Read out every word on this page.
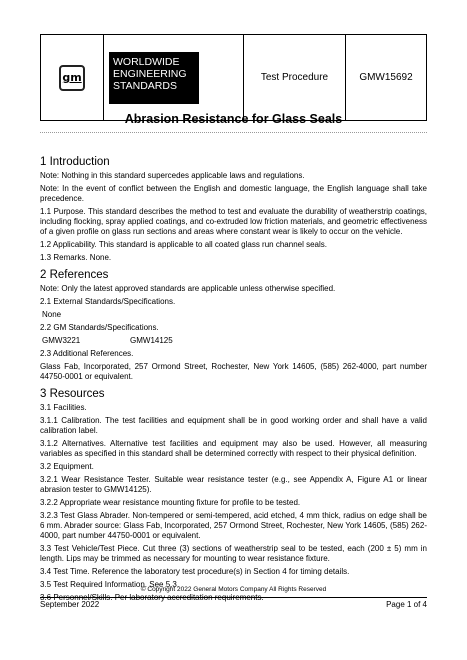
gm
WORLDWIDE
ENGINEERING
STANDARDS
Test Procedure	GMW15692
Abrasion Resistance for Glass Seals
1 Introduction

Note: Nothing in this standard supercedes applicable laws and regulations.

Note: In the event of conflict between the English and domestic language, the English language shall take precedence.

1.1 Purpose. This standard describes the method to test and evaluate the durability of weatherstrip coatings, including flocking, spray applied coatings, and co-extruded low friction materials, and geometric effectiveness of a given profile on glass run sections and areas where constant wear is likely to occur on the vehicle.

1.2 Applicability. This standard is applicable to all coated glass run channel seals.

1.3 Remarks. None.

2 References

Note: Only the latest approved standards are applicable unless otherwise specified.

2.1 External Standards/Specifications.

None

2.2 GM Standards/Specifications.

GMW3221	GMW14125

2.3 Additional References.

Glass Fab, Incorporated, 257 Ormond Street, Rochester, New York 14605, (585) 262-4000, part number 44750-0001 or equivalent.

3 Resources

3.1 Facilities.

3.1.1 Calibration. The test facilities and equipment shall be in good working order and shall have a valid calibration label.

3.1.2 Alternatives. Alternative test facilities and equipment may also be used. However, all measuring variables as specified in this standard shall be determined correctly with respect to their physical definition.

3.2 Equipment.

3.2.1 Wear Resistance Tester. Suitable wear resistance tester (e.g., see Appendix A, Figure A1 or linear abrasion tester to GMW14125).

3.2.2 Appropriate wear resistance mounting fixture for profile to be tested.

3.2.3 Test Glass Abrader. Non-tempered or semi-tempered, acid etched, 4 mm thick, radius on edge shall be 6 mm. Abrader source: Glass Fab, Incorporated, 257 Ormond Street, Rochester, New York 14605, (585) 262-4000, part number 44750-0001 or equivalent.

3.3 Test Vehicle/Test Piece. Cut three (3) sections of weatherstrip seal to be tested, each (200 ± 5) mm in length. Lips may be trimmed as necessary for mounting to wear resistance fixture.

3.4 Test Time. Reference the laboratory test procedure(s) in Section 4 for timing details.

3.5 Test Required Information. See 5.3.

3.6 Personnel/Skills. Per laboratory accreditation requirements.

© Copyright 2022 General Motors Company All Rights Reserved
September 2022	Page 1 of 4
